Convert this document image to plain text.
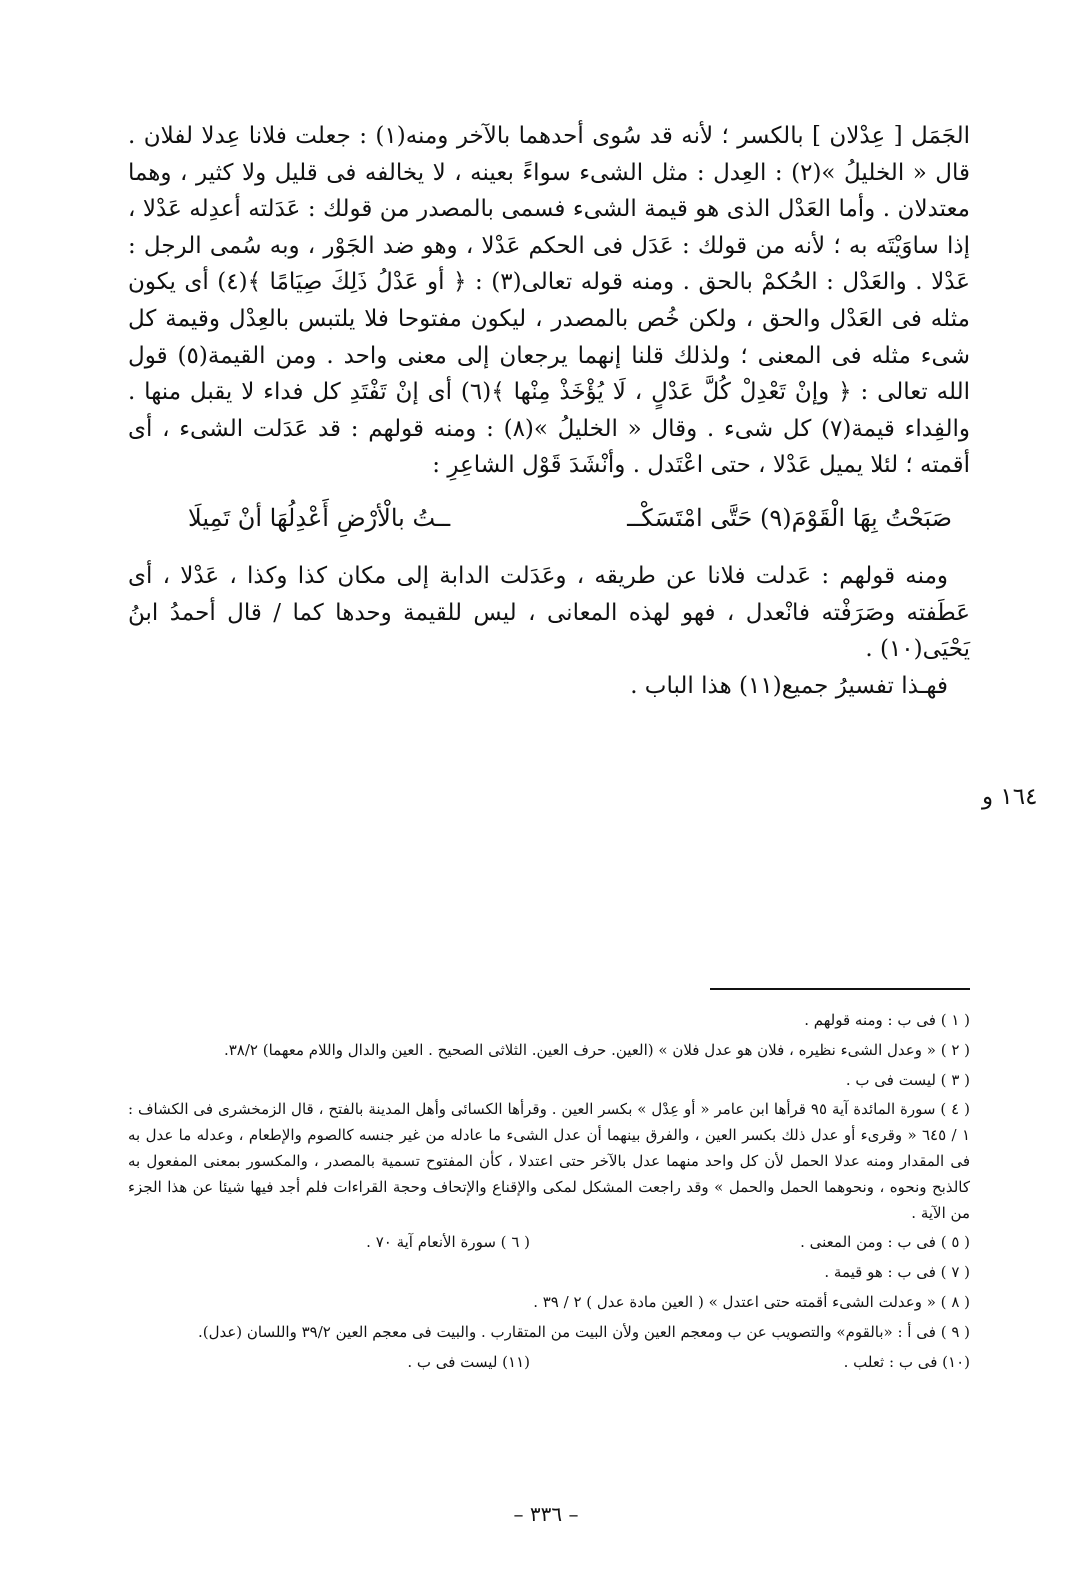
الجَمَل [ عِدْلان ] بالكسر ؛ لأنه قد سُوى أحدهما بالآخر ومنه(١) : جعلت فلانا عِدلا لفلان . قال « الخليلُ »(٢) : العِدل : مثل الشىء سواءً بعينه ، لا يخالفه فى قليل ولا كثير ، وهما معتدلان . وأما العَدْل الذى هو قيمة الشىء فسمى بالمصدر من قولك : عَدَلته أعدِله عَدْلا ، إذا ساوَيْتَه به ؛ لأنه من قولك : عَدَل فى الحكم عَدْلا ، وهو ضد الجَوْر ، وبه سُمى الرجل : عَدْلا . والعَدْل : الحُكمْ بالحق . ومنه قوله تعالى(٣) : ﴿ أو عَدْلُ ذَلِكَ صِيَامًا ﴾(٤) أى يكون مثله فى العَدْل والحق ، ولكن خُص بالمصدر ، ليكون مفتوحا فلا يلتبس بالعِدْل وقيمة كل شىء مثله فى المعنى ؛ ولذلك قلنا إنهما يرجعان إلى معنى واحد . ومن القيمة(٥) قول الله تعالى : ﴿ وإنْ تَعْدِلْ كُلَّ عَدْلٍ ، لَا يُؤْخَذْ مِنْها ﴾(٦) أى إنْ تَفْتَدِ كل فداء لا يقبل منها . والفِداء قيمة(٧) كل شىء . وقال « الخليلُ »(٨) : ومنه قولهم : قد عَدَلت الشىء ، أى أقمته ؛ لئلا يميل عَدْلا ، حتى اعْتَدل . وأنْشَدَ قَوْل الشاعِرِ :

صَبَحْتُ بِهَا الْقَوْمَ(٩) حَتَّى امْتَسَكْــ
ــتُ بالْأرْضِ أَعْدِلُهَا أنْ تَمِيلَا

ومنه قولهم : عَدلت فلانا عن طريقه ، وعَدَلت الدابة إلى مكان كذا وكذا ، عَدْلا ، أى عَطَفته وصَرَفْته فانْعدل ، فهو لهذه المعانى ، ليس للقيمة وحدها كما / قال أحمدُ ابنُ يَحْيَى(١٠) .

فهـذا تفسيرُ جميع(١١) هذا الباب .

١٦٤ و

( ١ ) فى ب : ومنه قولهم .

( ٢ ) « وعدل الشىء نظيره ، فلان هو عدل فلان » (العين. حرف العين. الثلاثى الصحيح . العين والدال واللام معهما) ٣٨/٢.

( ٣ ) ليست فى ب .

( ٤ ) سورة المائدة آية ٩٥ قرأها ابن عامر « أو عِدْل » بكسر العين . وقرأها الكسائى وأهل المدينة بالفتح ، قال الزمخشرى فى الكشاف : ١ / ٦٤٥ « وقرىء أو عدل ذلك بكسر العين ، والفرق بينهما أن عدل الشىء ما عادله من غير جنسه كالصوم والإطعام ، وعدله ما عدل به فى المقدار ومنه عدلا الحمل لأن كل واحد منهما عدل بالآخر حتى اعتدلا ، كأن المفتوح تسمية بالمصدر ، والمكسور بمعنى المفعول به كالذبح ونحوه ، ونحوهما الحمل والحمل » وقد راجعت المشكل لمكى والإقناع والإتحاف وحجة القراءات فلم أجد فيها شيئا عن هذا الجزء من الآية .

( ٥ ) فى ب : ومن المعنى .
( ٦ ) سورة الأنعام آية ٧٠ .

( ٧ ) فى ب : هو قيمة .

( ٨ ) « وعدلت الشىء أقمته حتى اعتدل » ( العين مادة عدل ) ٢ / ٣٩ .

( ٩ ) فى أ : «بالقوم» والتصويب عن ب ومعجم العين ولأن البيت من المتقارب . والبيت فى معجم العين ٣٩/٢ واللسان (عدل).

(١٠) فى ب : ثعلب .
(١١) ليست فى ب .
– ٣٣٦ –
